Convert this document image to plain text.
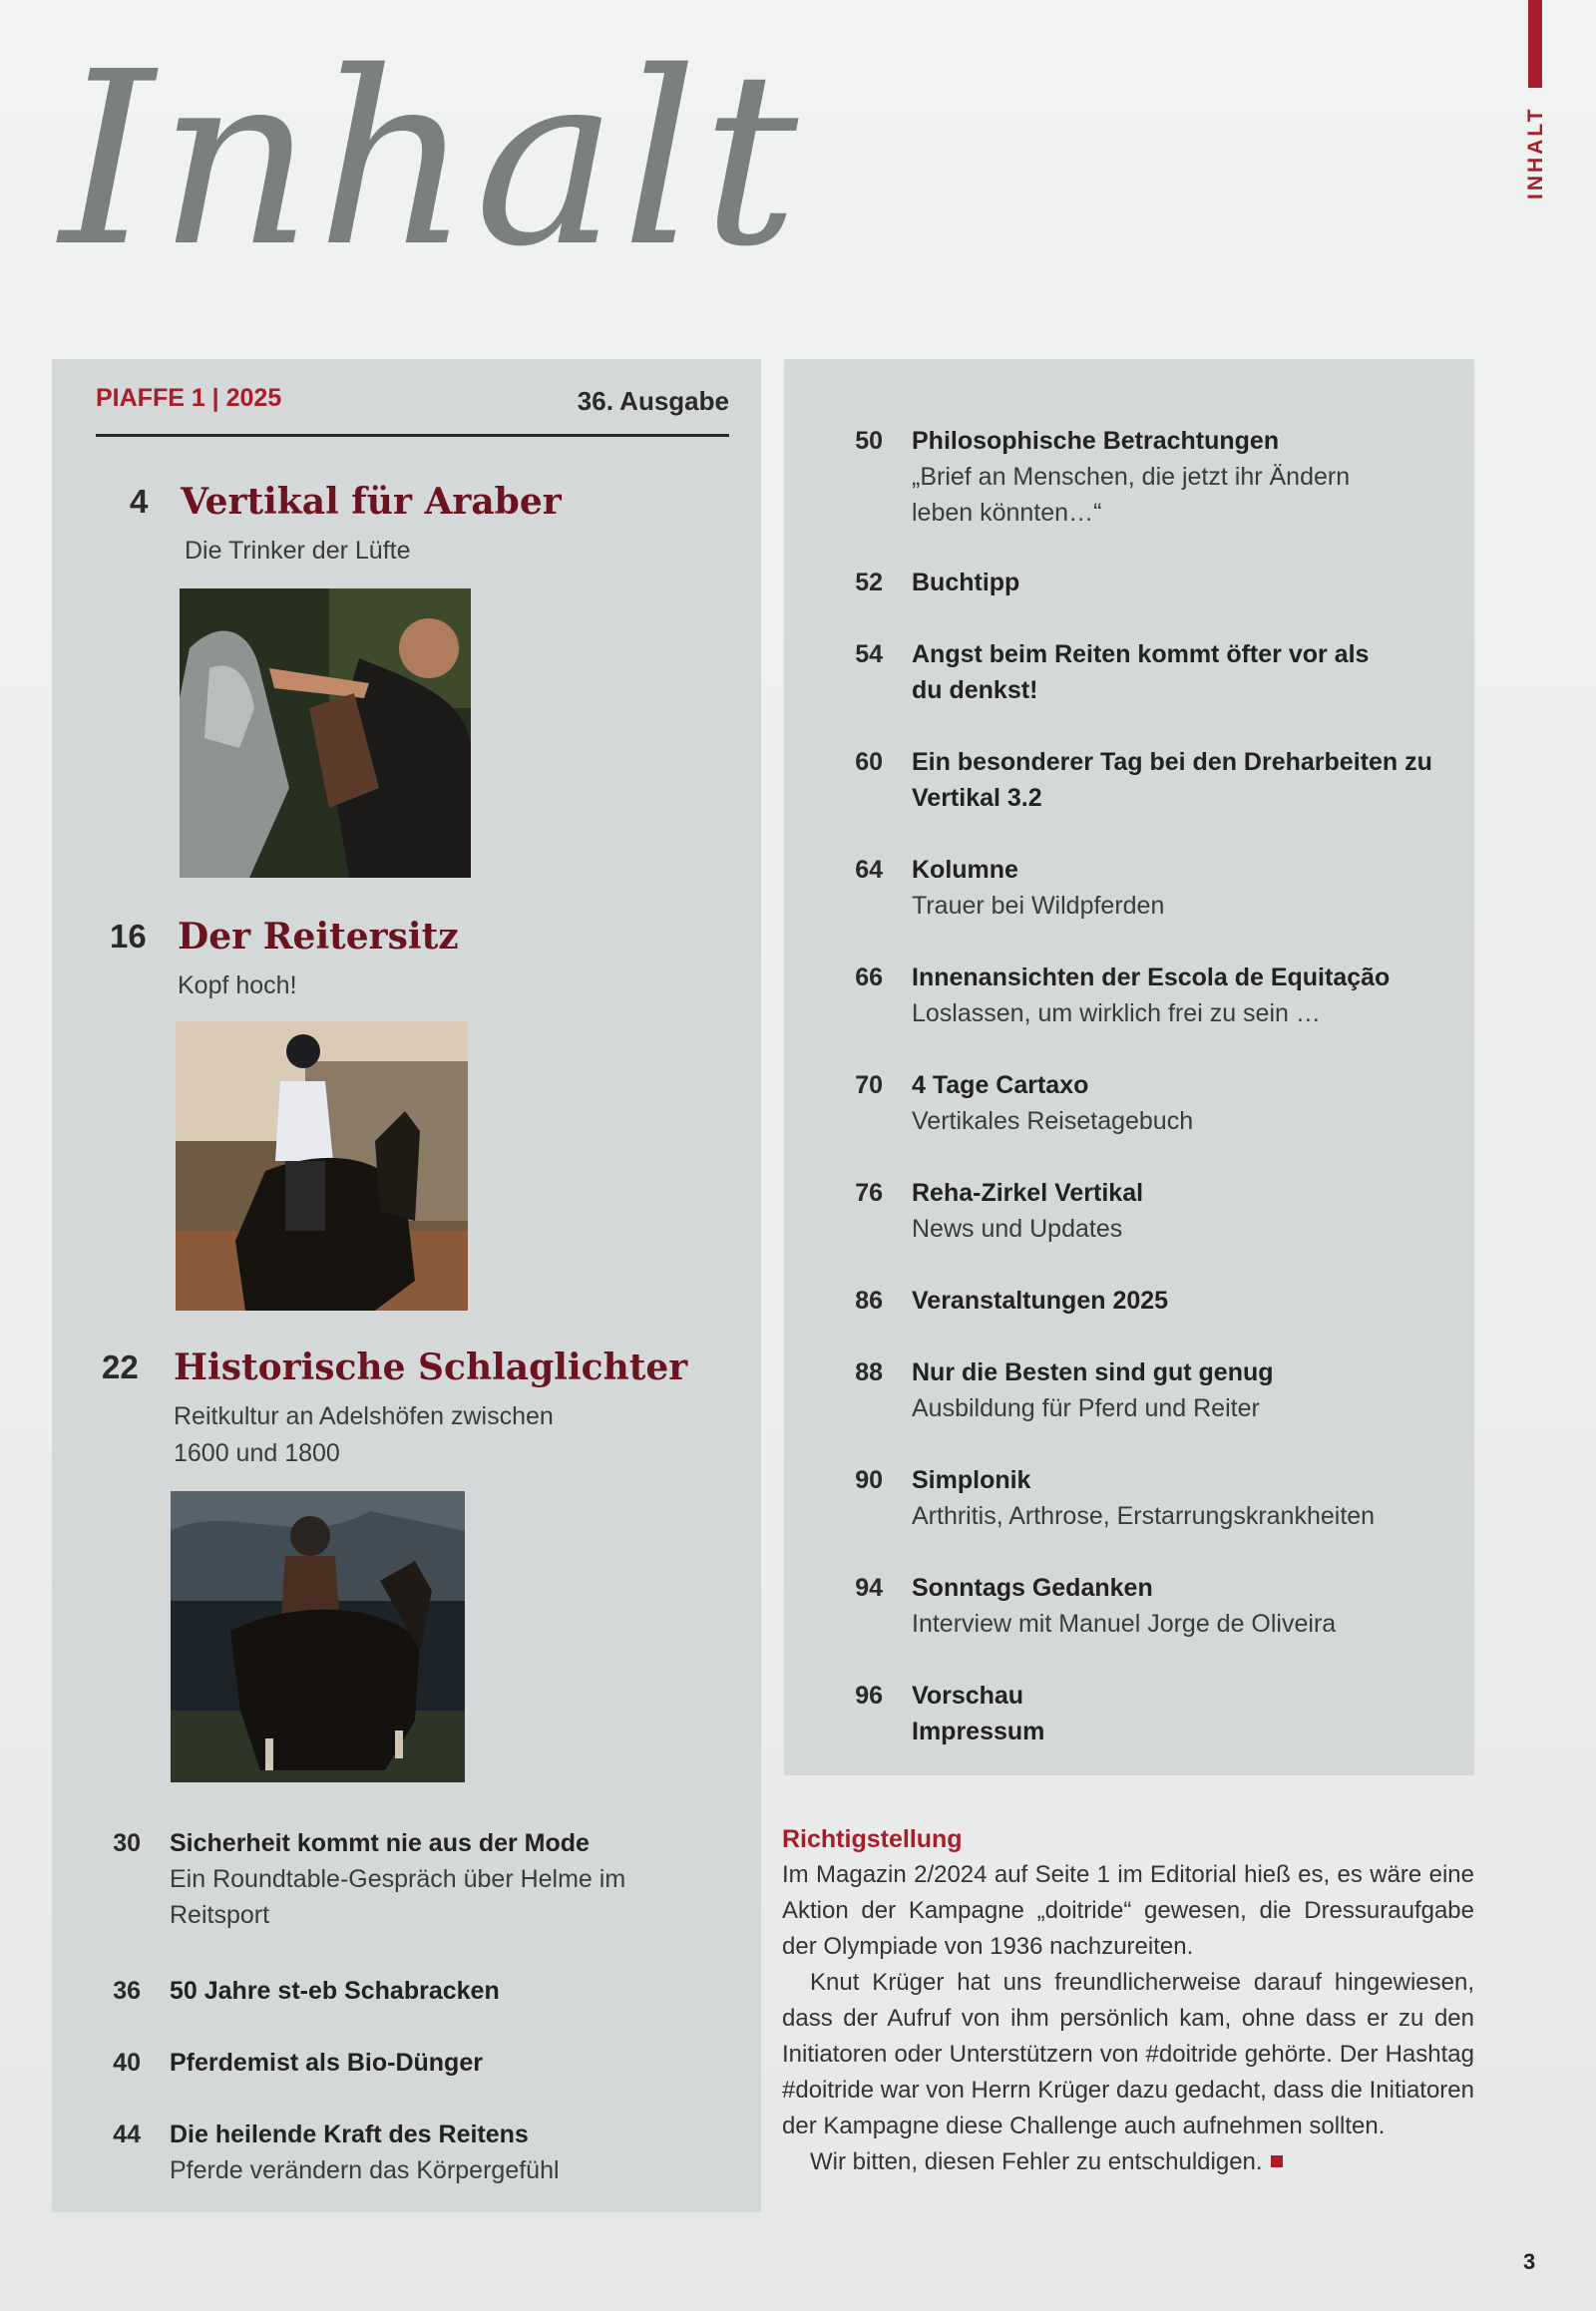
Inhalt	INHALT
PIAFFE 1 | 2025	36. Ausgabe
4 Vertikal für Araber
Die Trinker der Lüfte
16 Der Reitersitz
Kopf hoch!
22 Historische Schlaglichter
Reitkultur an Adelshöfen zwischen 1600 und 1800
30 Sicherheit kommt nie aus der Mode
Ein Roundtable-Gespräch über Helme im Reitsport
36 50 Jahre st-eb Schabracken
40 Pferdemist als Bio-Dünger
44 Die heilende Kraft des Reitens
Pferde verändern das Körpergefühl
50 Philosophische Betrachtungen
„Brief an Menschen, die jetzt ihr Ändern leben könnten…“
52 Buchtipp
54 Angst beim Reiten kommt öfter vor als du denkst!
60 Ein besonderer Tag bei den Dreharbeiten zu Vertikal 3.2
64 Kolumne
Trauer bei Wildpferden
66 Innenansichten der Escola de Equitação
Loslassen, um wirklich frei zu sein …
70 4 Tage Cartaxo
Vertikales Reisetagebuch
76 Reha-Zirkel Vertikal
News und Updates
86 Veranstaltungen 2025
88 Nur die Besten sind gut genug
Ausbildung für Pferd und Reiter
90 Simplonik
Arthritis, Arthrose, Erstarrungskrankheiten
94 Sonntags Gedanken
Interview mit Manuel Jorge de Oliveira
96 Vorschau Impressum
Richtigstellung

Im Magazin 2/2024 auf Seite 1 im Editorial hieß es, es wäre eine Aktion der Kampagne „doitride“ gewesen, die Dressuraufgabe der Olympiade von 1936 nachzureiten.

Knut Krüger hat uns freundlicherweise darauf hingewiesen, dass der Aufruf von ihm persönlich kam, ohne dass er zu den Initiatoren oder Unterstützern von #doitride gehörte. Der Hashtag #doitride war von Herrn Krüger dazu gedacht, dass die Initiatoren der Kampagne diese Challenge auch aufnehmen sollten.

Wir bitten, diesen Fehler zu entschuldigen.

3
